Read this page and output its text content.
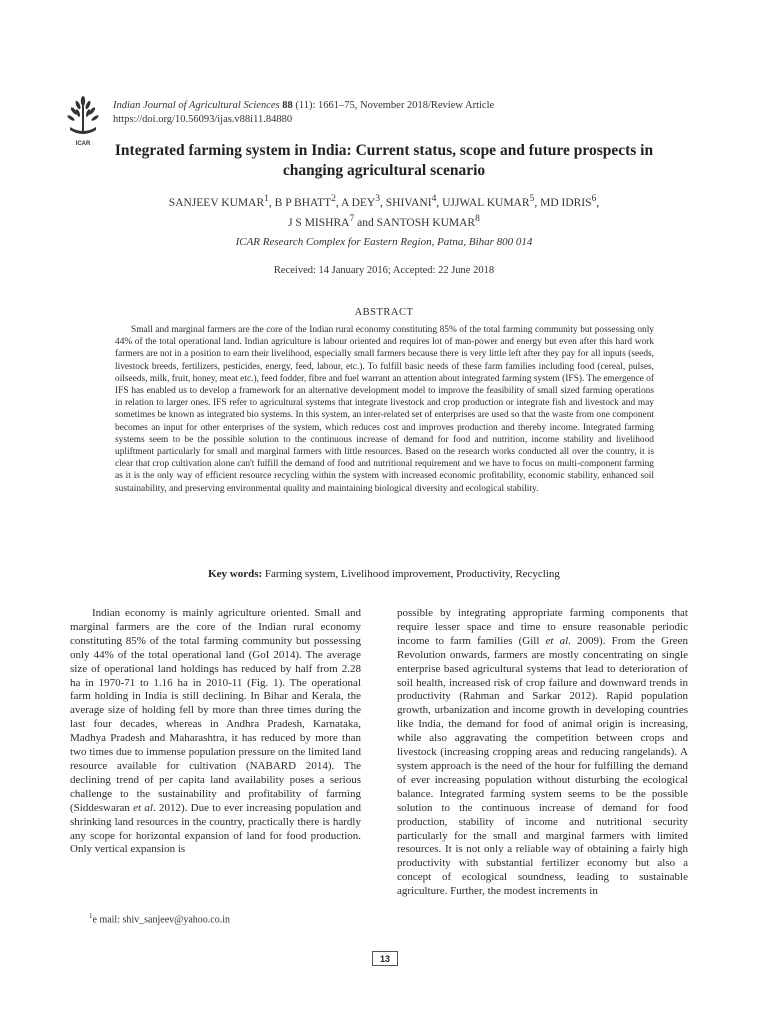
ICAR
Indian Journal of Agricultural Sciences 88 (11): 1661–75, November 2018/Review Article
https://doi.org/10.56093/ijas.v88i11.84880
Integrated farming system in India: Current status, scope and future prospects in changing agricultural scenario
SANJEEV KUMAR$^1$, B P BHATT$^2$, A DEY$^3$, SHIVANI$^4$, UJJWAL KUMAR$^5$, MD IDRIS$^6$,
J S MISHRA$^7$ and SANTOSH KUMAR$^8$
ICAR Research Complex for Eastern Region, Patna, Bihar 800 014
Received: 14 January 2016; Accepted: 22 June 2018
ABSTRACT

Small and marginal farmers are the core of the Indian rural economy constituting 85% of the total farming community but possessing only 44% of the total operational land. Indian agriculture is labour oriented and requires lot of man-power and energy but even after this hard work farmers are not in a position to earn their livelihood, especially small farmers because there is very little left after they pay for all inputs (seeds, livestock breeds, fertilizers, pesticides, energy, feed, labour, etc.). To fulfill basic needs of these farm families including food (cereal, pulses, oilseeds, milk, fruit, honey, meat etc.), feed fodder, fibre and fuel warrant an attention about integrated farming system (IFS). The emergence of IFS has enabled us to develop a framework for an alternative development model to improve the feasibility of small sized farming operations in relation to larger ones. IFS refer to agricultural systems that integrate livestock and crop production or integrate fish and livestock and may sometimes be known as integrated bio systems. In this system, an inter-related set of enterprises are used so that the waste from one component becomes an input for other enterprises of the system, which reduces cost and improves production and thereby income. Integrated farming systems seem to be the possible solution to the continuous increase of demand for food and nutrition, income stability and livelihood upliftment particularly for small and marginal farmers with little resources. Based on the research works conducted all over the country, it is clear that crop cultivation alone can't fulfill the demand of food and nutritional requirement and we have to focus on multi-component farming as it is the only way of efficient resource recycling within the system with increased economic profitability, economic stability, enhanced soil sustainability, and preserving environmental quality and maintaining biological diversity and ecological stability.

Key words: Farming system, Livelihood improvement, Productivity, Recycling

Indian economy is mainly agriculture oriented. Small and marginal farmers are the core of the Indian rural economy constituting 85% of the total farming community but possessing only 44% of the total operational land (GoI 2014). The average size of operational land holdings has reduced by half from 2.28 ha in 1970-71 to 1.16 ha in 2010-11 (Fig. 1). The operational farm holding in India is still declining. In Bihar and Kerala, the average size of holding fell by more than three times during the last four decades, whereas in Andhra Pradesh, Karnataka, Madhya Pradesh and Maharashtra, it has reduced by more than two times due to immense population pressure on the limited land resource available for cultivation (NABARD 2014). The declining trend of per capita land availability poses a serious challenge to the sustainability and profitability of farming (Siddeswaran et al. 2012). Due to ever increasing population and shrinking land resources in the country, practically there is hardly any scope for horizontal expansion of land for food production. Only vertical expansion is

possible by integrating appropriate farming components that require lesser space and time to ensure reasonable periodic income to farm families (Gill et al. 2009). From the Green Revolution onwards, farmers are mostly concentrating on single enterprise based agricultural systems that lead to deterioration of soil health, increased risk of crop failure and downward trends in productivity (Rahman and Sarkar 2012). Rapid population growth, urbanization and income growth in developing countries like India, the demand for food of animal origin is increasing, while also aggravating the competition between crops and livestock (increasing cropping areas and reducing rangelands). A system approach is the need of the hour for fulfilling the demand of ever increasing population without disturbing the ecological balance. Integrated farming system seems to be the possible solution to the continuous increase of demand for food production, stability of income and nutritional security particularly for the small and marginal farmers with limited resources. It is not only a reliable way of obtaining a fairly high productivity with substantial fertilizer economy but also a concept of ecological soundness, leading to sustainable agriculture. Further, the modest increments in

$^1$e mail: shiv_sanjeev@yahoo.co.in
13
